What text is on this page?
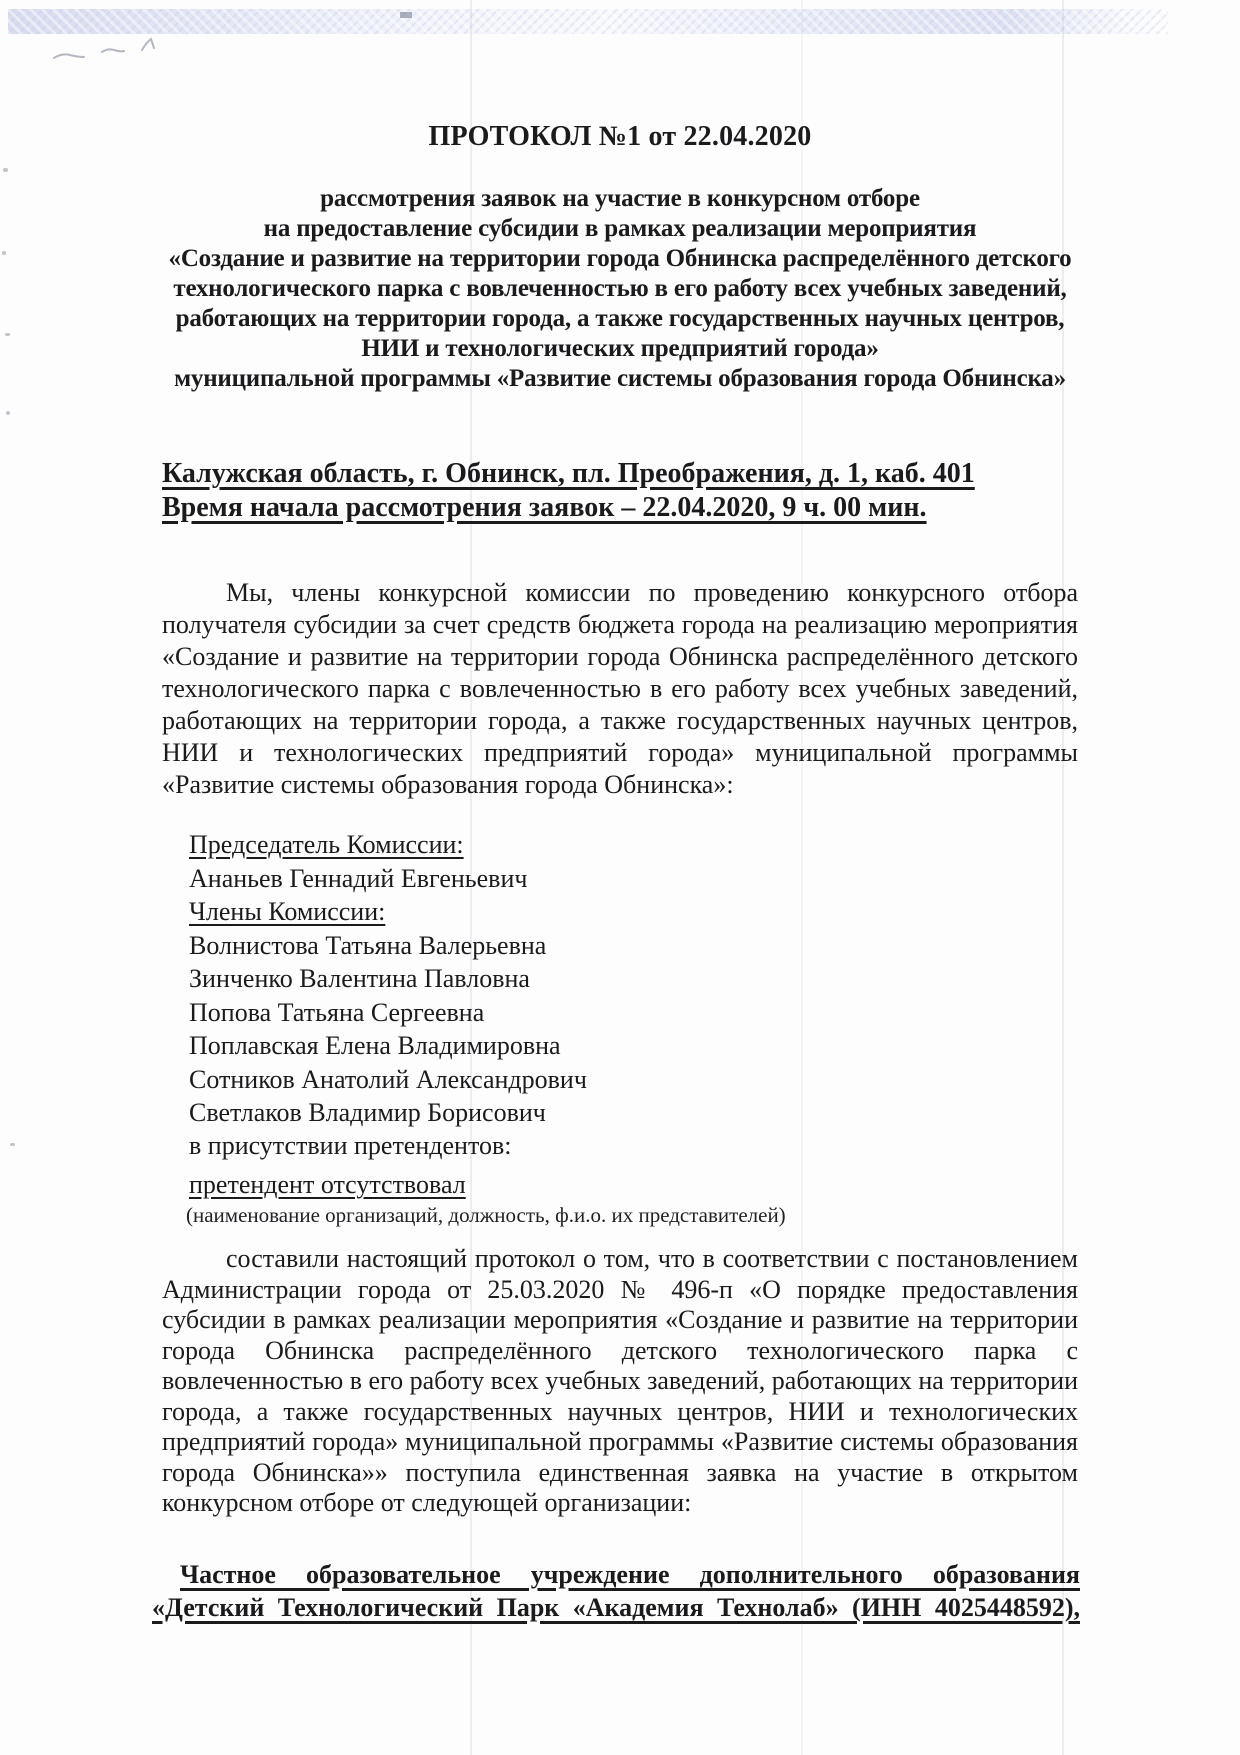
ПРОТОКОЛ №1 от 22.04.2020
рассмотрения заявок на участие в конкурсном отборе
на предоставление субсидии в рамках реализации мероприятия
«Создание и развитие на территории города Обнинска распределённого детского
технологического парка с вовлеченностью в его работу всех учебных заведений,
работающих на территории города, а также государственных научных центров,
НИИ и технологических предприятий города»
муниципальной программы «Развитие системы образования города Обнинска»
Калужская область, г. Обнинск, пл. Преображения, д. 1, каб. 401
Время начала рассмотрения заявок – 22.04.2020, 9 ч. 00 мин.
Мы, члены конкурсной комиссии по проведению конкурсного отбора получателя субсидии за счет средств бюджета города на реализацию мероприятия «Создание и развитие на территории города Обнинска распределённого детского технологического парка с вовлеченностью в его работу всех учебных заведений, работающих на территории города, а также государственных научных центров, НИИ и технологических предприятий города» муниципальной программы «Развитие системы образования города Обнинска»:
Председатель Комиссии:
Ананьев Геннадий Евгеньевич
Члены Комиссии:
Волнистова Татьяна Валерьевна
Зинченко Валентина Павловна
Попова Татьяна Сергеевна
Поплавская Елена Владимировна
Сотников Анатолий Александрович
Светлаков Владимир Борисович
в присутствии претендентов:
претендент отсутствовал
(наименование организаций, должность, ф.и.о. их представителей)
составили настоящий протокол о том, что в соответствии с постановлением Администрации города от 25.03.2020 № 496-п «О порядке предоставления субсидии в рамках реализации мероприятия «Создание и развитие на территории города Обнинска распределённого детского технологического парка с вовлеченностью в его работу всех учебных заведений, работающих на территории города, а также государственных научных центров, НИИ и технологических предприятий города» муниципальной программы «Развитие системы образования города Обнинска»» поступила единственная заявка на участие в открытом конкурсном отборе от следующей организации:
Частное образовательное учреждение дополнительного образования
«Детский Технологический Парк «Академия Технолаб» (ИНН 4025448592),
